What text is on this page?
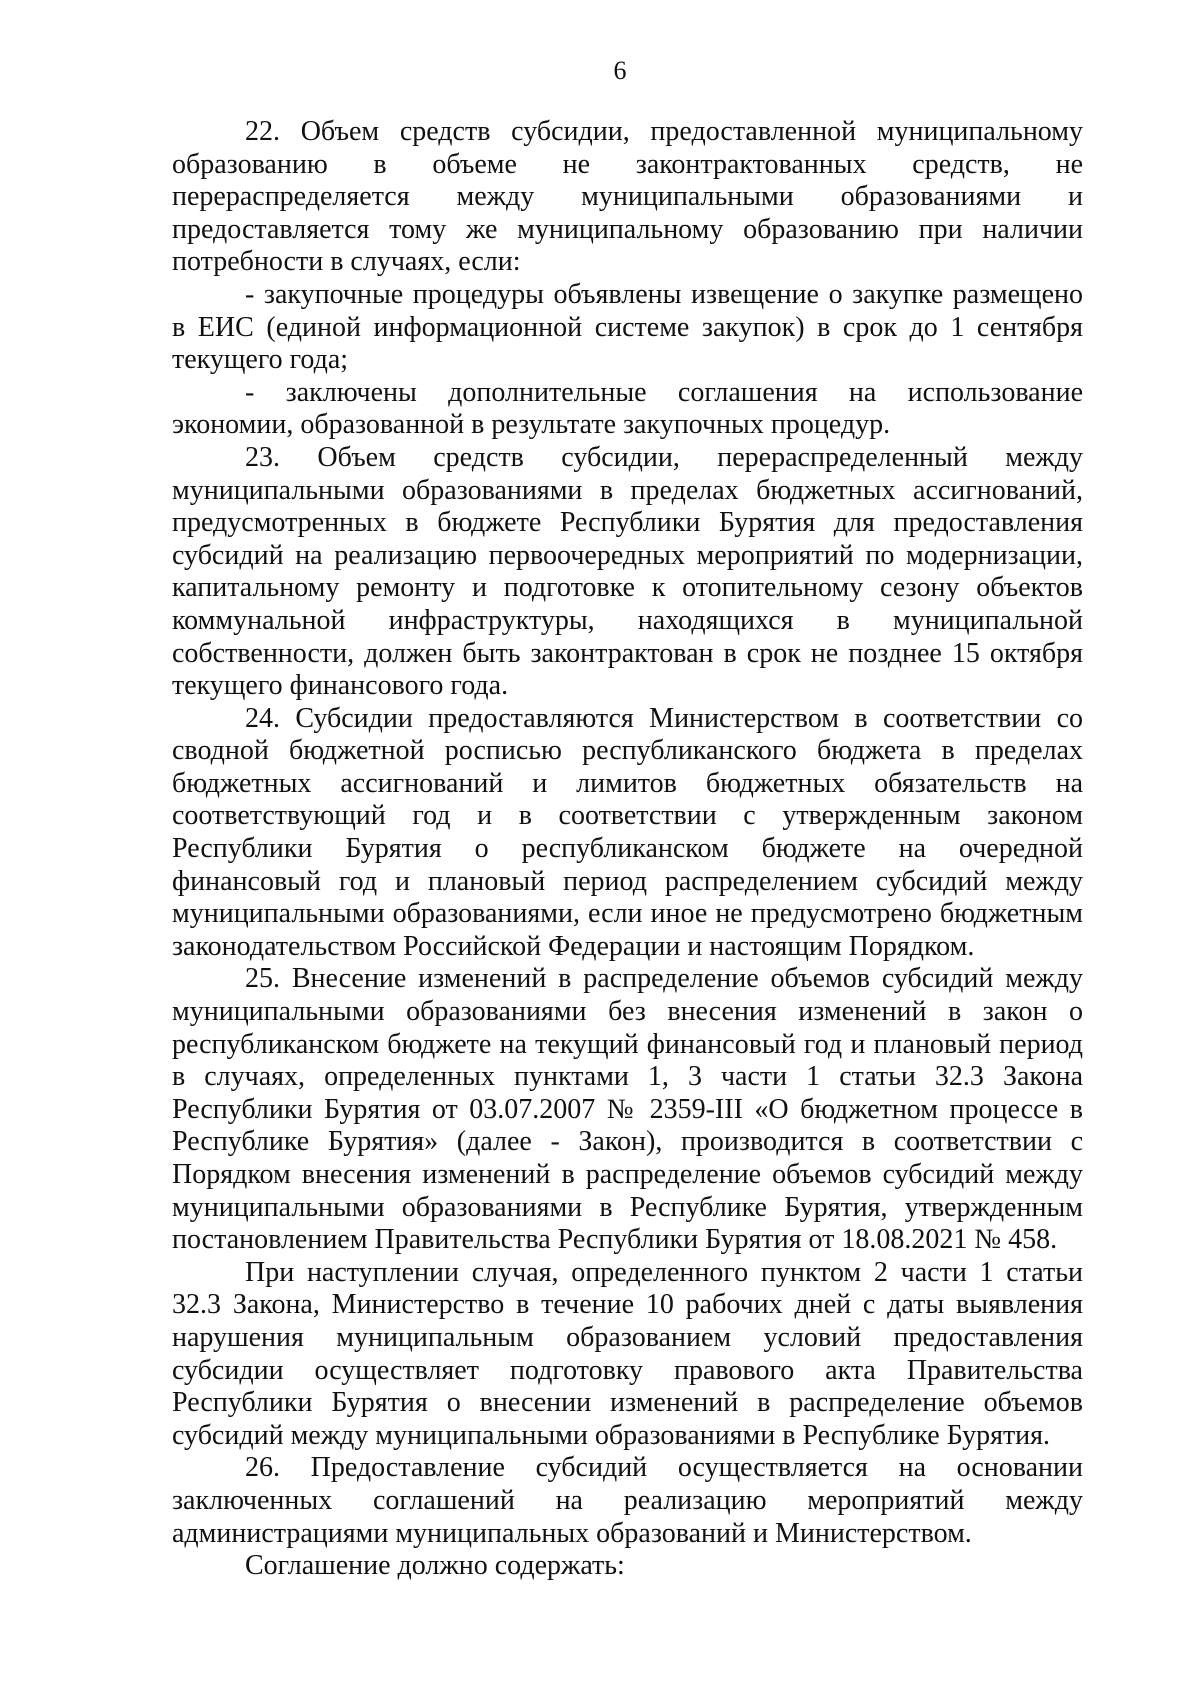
6

22. Объем средств субсидии, предоставленной муниципальному образованию в объеме не законтрактованных средств, не перераспределяется между муниципальными образованиями и предоставляется тому же муниципальному образованию при наличии потребности в случаях, если:

- закупочные процедуры объявлены извещение о закупке размещено в ЕИС (единой информационной системе закупок) в срок до 1 сентября текущего года;

- заключены дополнительные соглашения на использование экономии, образованной в результате закупочных процедур.

23. Объем средств субсидии, перераспределенный между муниципальными образованиями в пределах бюджетных ассигнований, предусмотренных в бюджете Республики Бурятия для предоставления субсидий на реализацию первоочередных мероприятий по модернизации, капитальному ремонту и подготовке к отопительному сезону объектов коммунальной инфраструктуры, находящихся в муниципальной собственности, должен быть законтрактован в срок не позднее 15 октября текущего финансового года.

24. Субсидии предоставляются Министерством в соответствии со сводной бюджетной росписью республиканского бюджета в пределах бюджетных ассигнований и лимитов бюджетных обязательств на соответствующий год и в соответствии с утвержденным законом Республики Бурятия о республиканском бюджете на очередной финансовый год и плановый период распределением субсидий между муниципальными образованиями, если иное не предусмотрено бюджетным законодательством Российской Федерации и настоящим Порядком.

25. Внесение изменений в распределение объемов субсидий между муниципальными образованиями без внесения изменений в закон о республиканском бюджете на текущий финансовый год и плановый период в случаях, определенных пунктами 1, 3 части 1 статьи 32.3 Закона Республики Бурятия от 03.07.2007 № 2359-III «О бюджетном процессе в Республике Бурятия» (далее - Закон), производится в соответствии с Порядком внесения изменений в распределение объемов субсидий между муниципальными образованиями в Республике Бурятия, утвержденным постановлением Правительства Республики Бурятия от 18.08.2021 № 458.

При наступлении случая, определенного пунктом 2 части 1 статьи 32.3 Закона, Министерство в течение 10 рабочих дней с даты выявления нарушения муниципальным образованием условий предоставления субсидии осуществляет подготовку правового акта Правительства Республики Бурятия о внесении изменений в распределение объемов субсидий между муниципальными образованиями в Республике Бурятия.

26. Предоставление субсидий осуществляется на основании заключенных соглашений на реализацию мероприятий между администрациями муниципальных образований и Министерством.

Соглашение должно содержать:
